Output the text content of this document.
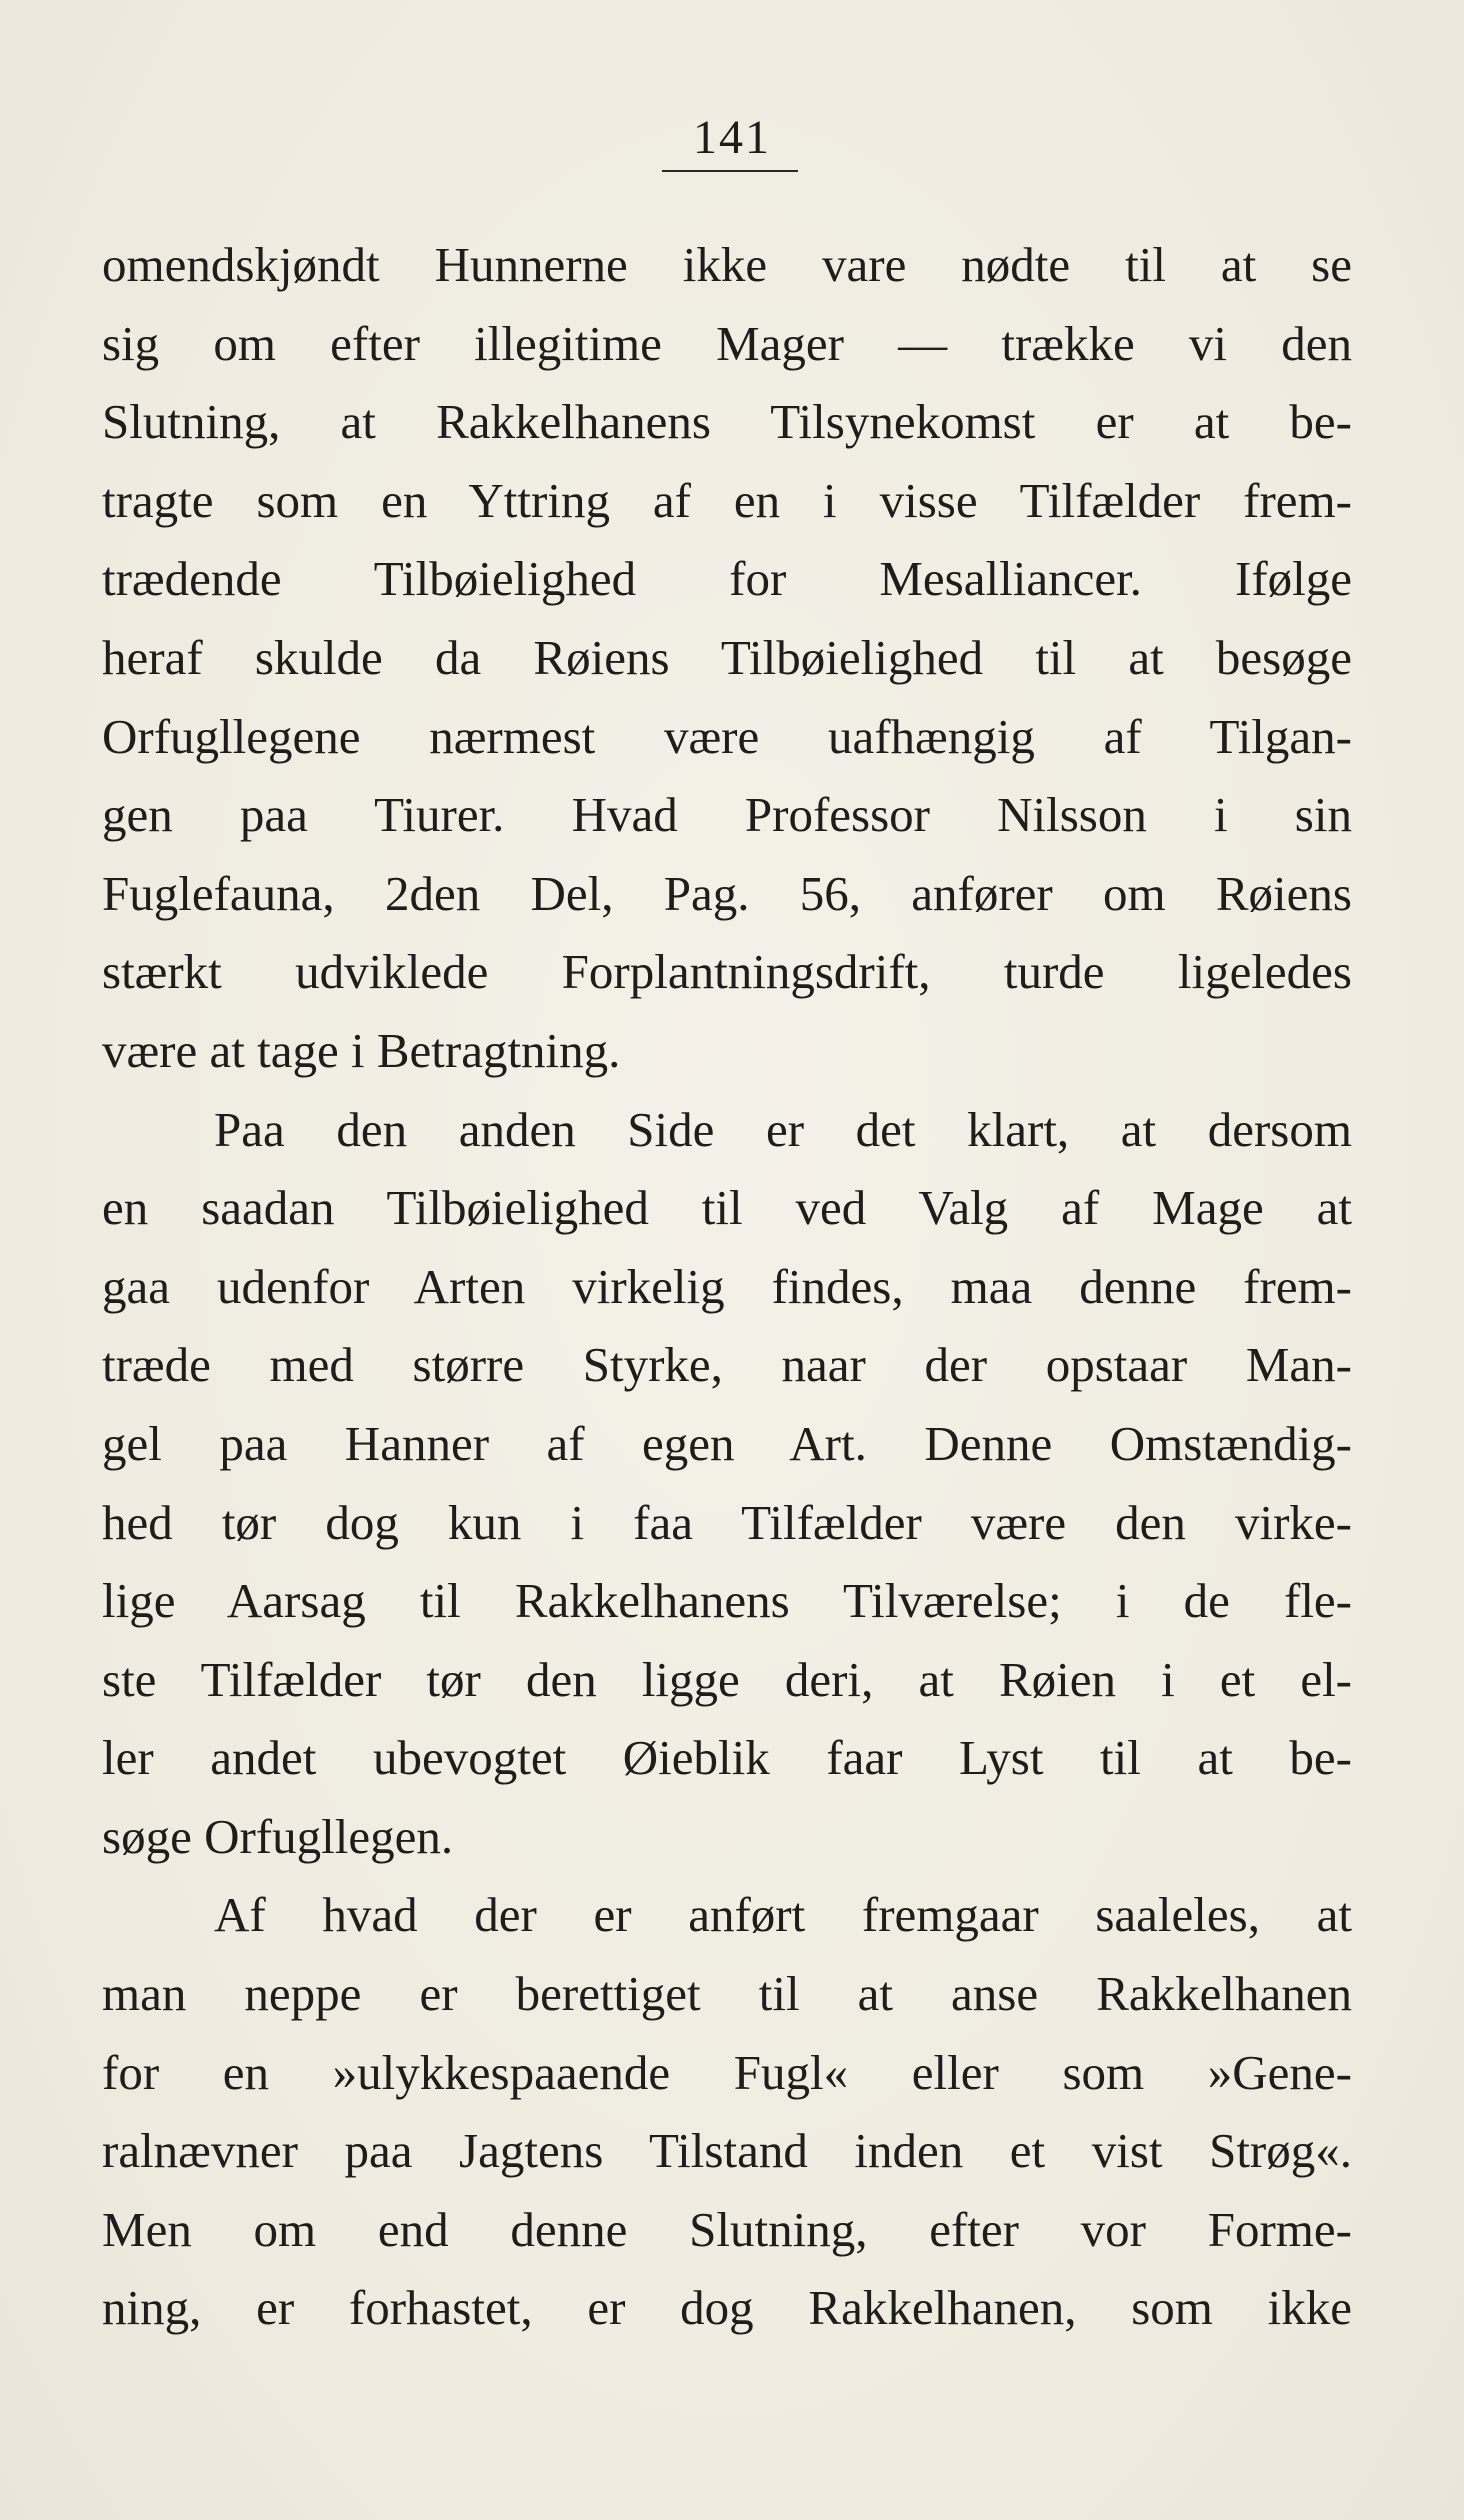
141
omendskjøndt Hunnerne ikke vare nødte til at se
sig om efter illegitime Mager — trække vi den
Slutning, at Rakkelhanens Tilsynekomst er at be-
tragte som en Yttring af en i visse Tilfælder frem-
trædende Tilbøielighed for Mesalliancer. Ifølge
heraf skulde da Røiens Tilbøielighed til at besøge
Orfugllegene nærmest være uafhængig af Tilgan-
gen paa Tiurer. Hvad Professor Nilsson i sin
Fuglefauna, 2den Del, Pag. 56, anfører om Røiens
stærkt udviklede Forplantningsdrift, turde ligeledes
være at tage i Betragtning.
Paa den anden Side er det klart, at dersom
en saadan Tilbøielighed til ved Valg af Mage at
gaa udenfor Arten virkelig findes, maa denne frem-
træde med større Styrke, naar der opstaar Man-
gel paa Hanner af egen Art. Denne Omstændig-
hed tør dog kun i faa Tilfælder være den virke-
lige Aarsag til Rakkelhanens Tilværelse; i de fle-
ste Tilfælder tør den ligge deri, at Røien i et el-
ler andet ubevogtet Øieblik faar Lyst til at be-
søge Orfugllegen.
Af hvad der er anført fremgaar saaleles, at
man neppe er berettiget til at anse Rakkelhanen
for en »ulykkespaaende Fugl« eller som »Gene-
ralnævner paa Jagtens Tilstand inden et vist Strøg«.
Men om end denne Slutning, efter vor Forme-
ning, er forhastet, er dog Rakkelhanen, som ikke
